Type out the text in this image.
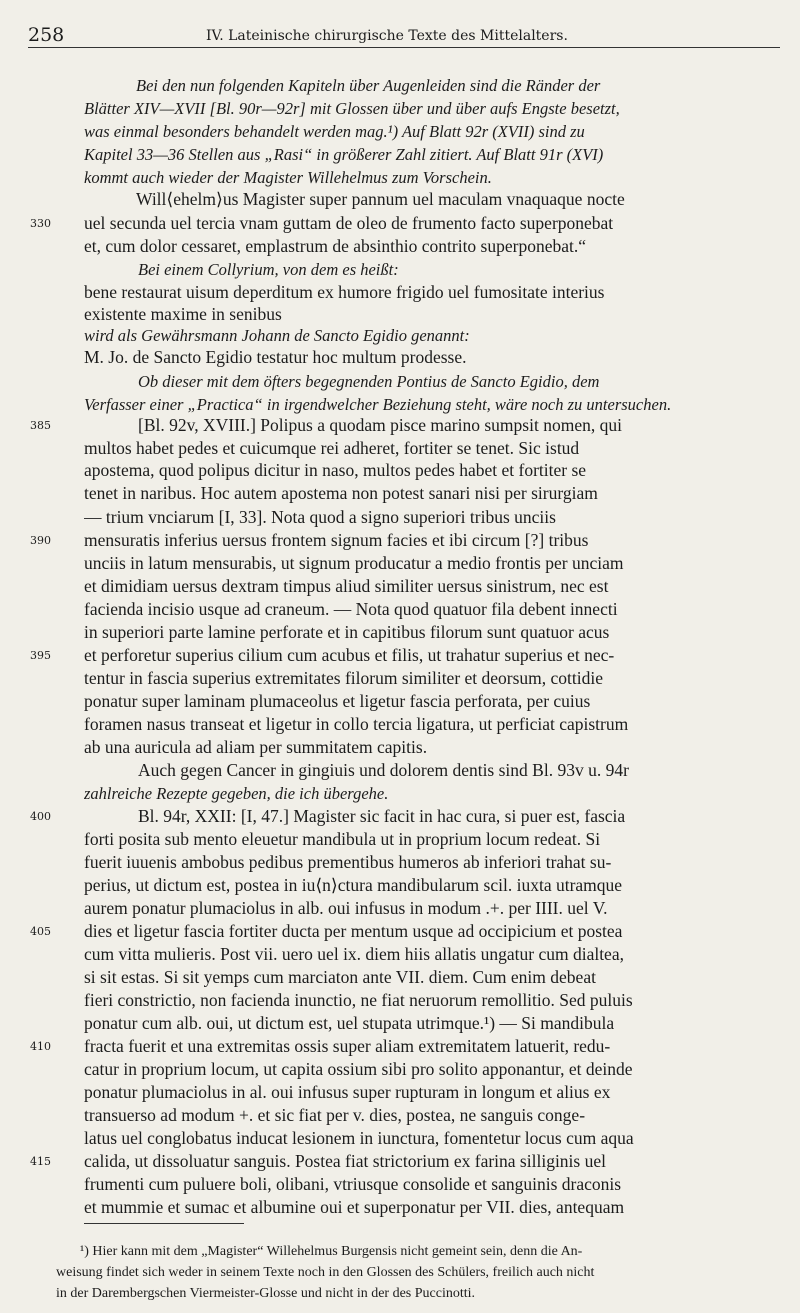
258	IV. Lateinische chirurgische Texte des Mittelalters.
Bei den nun folgenden Kapiteln über Augenleiden sind die Ränder der
Blätter XIV—XVII [Bl. 90r—92r] mit Glossen über und über aufs Engste besetzt,
was einmal besonders behandelt werden mag.¹) Auf Blatt 92r (XVII) sind zu
Kapitel 33—36 Stellen aus „Rasi“ in größerer Zahl zitiert. Auf Blatt 91r (XVI)
kommt auch wieder der Magister Willehelmus zum Vorschein.
Will⟨ehelm⟩us Magister super pannum uel maculam vnaquaque nocte
uel secunda uel tercia vnam guttam de oleo de frumento facto superponebat
et, cum dolor cessaret, emplastrum de absinthio contrito superponebat.“
Bei einem Collyrium, von dem es heißt:
bene restaurat uisum deperditum ex humore frigido uel fumositate interius
existente maxime in senibus
wird als Gewährsmann Johann de Sancto Egidio genannt:
M. Jo. de Sancto Egidio testatur hoc multum prodesse.
Ob dieser mit dem öfters begegnenden Pontius de Sancto Egidio, dem
Verfasser einer „Practica“ in irgendwelcher Beziehung steht, wäre noch zu untersuchen.
[Bl. 92v, XVIII.] Polipus a quodam pisce marino sumpsit nomen, qui
multos habet pedes et cuicumque rei adheret, fortiter se tenet. Sic istud
apostema, quod polipus dicitur in naso, multos pedes habet et fortiter se
tenet in naribus. Hoc autem apostema non potest sanari nisi per sirurgiam
— trium vnciarum [I, 33]. Nota quod a signo superiori tribus unciis
mensuratis inferius uersus frontem signum facies et ibi circum [?] tribus
unciis in latum mensurabis, ut signum producatur a medio frontis per unciam
et dimidiam uersus dextram timpus aliud similiter uersus sinistrum, nec est
facienda incisio usque ad craneum. — Nota quod quatuor fila debent innecti
in superiori parte lamine perforate et in capitibus filorum sunt quatuor acus
et perforetur superius cilium cum acubus et filis, ut trahatur superius et nec-
tentur in fascia superius extremitates filorum similiter et deorsum, cottidie
ponatur super laminam plumaceolus et ligetur fascia perforata, per cuius
foramen nasus transeat et ligetur in collo tercia ligatura, ut perficiat capistrum
ab una auricula ad aliam per summitatem capitis.
Auch gegen Cancer in gingiuis und dolorem dentis sind Bl. 93v u. 94r
zahlreiche Rezepte gegeben, die ich übergehe.
Bl. 94r, XXII: [I, 47.] Magister sic facit in hac cura, si puer est, fascia
forti posita sub mento eleuetur mandibula ut in proprium locum redeat. Si
fuerit iuuenis ambobus pedibus prementibus humeros ab inferiori trahat su-
perius, ut dictum est, postea in iu⟨n⟩ctura mandibularum scil. iuxta utramque
aurem ponatur plumaciolus in alb. oui infusus in modum .+. per IIII. uel V.
dies et ligetur fascia fortiter ducta per mentum usque ad occipicium et postea
cum vitta mulieris. Post vii. uero uel ix. diem hiis allatis ungatur cum dialtea,
si sit estas. Si sit yemps cum marciaton ante VII. diem. Cum enim debeat
fieri constrictio, non facienda inunctio, ne fiat neruorum remollitio. Sed puluis
ponatur cum alb. oui, ut dictum est, uel stupata utrimque.¹) — Si mandibula
fracta fuerit et una extremitas ossis super aliam extremitatem latuerit, redu-
catur in proprium locum, ut capita ossium sibi pro solito apponantur, et deinde
ponatur plumaciolus in al. oui infusus super rupturam in longum et alius ex
transuerso ad modum +. et sic fiat per v. dies, postea, ne sanguis conge-
latus uel conglobatus inducat lesionem in iunctura, fomentetur locus cum aqua
calida, ut dissoluatur sanguis. Postea fiat strictorium ex farina silliginis uel
frumenti cum puluere boli, olibani, vtriusque consolide et sanguinis draconis
et mummie et sumac et albumine oui et superponatur per VII. dies, antequam
330
385
390
395
400
405
410
415
¹) Hier kann mit dem „Magister“ Willehelmus Burgensis nicht gemeint sein, denn die An-
weisung findet sich weder in seinem Texte noch in den Glossen des Schülers, freilich auch nicht
in der Darembergschen Viermeister-Glosse und nicht in der des Puccinotti.
